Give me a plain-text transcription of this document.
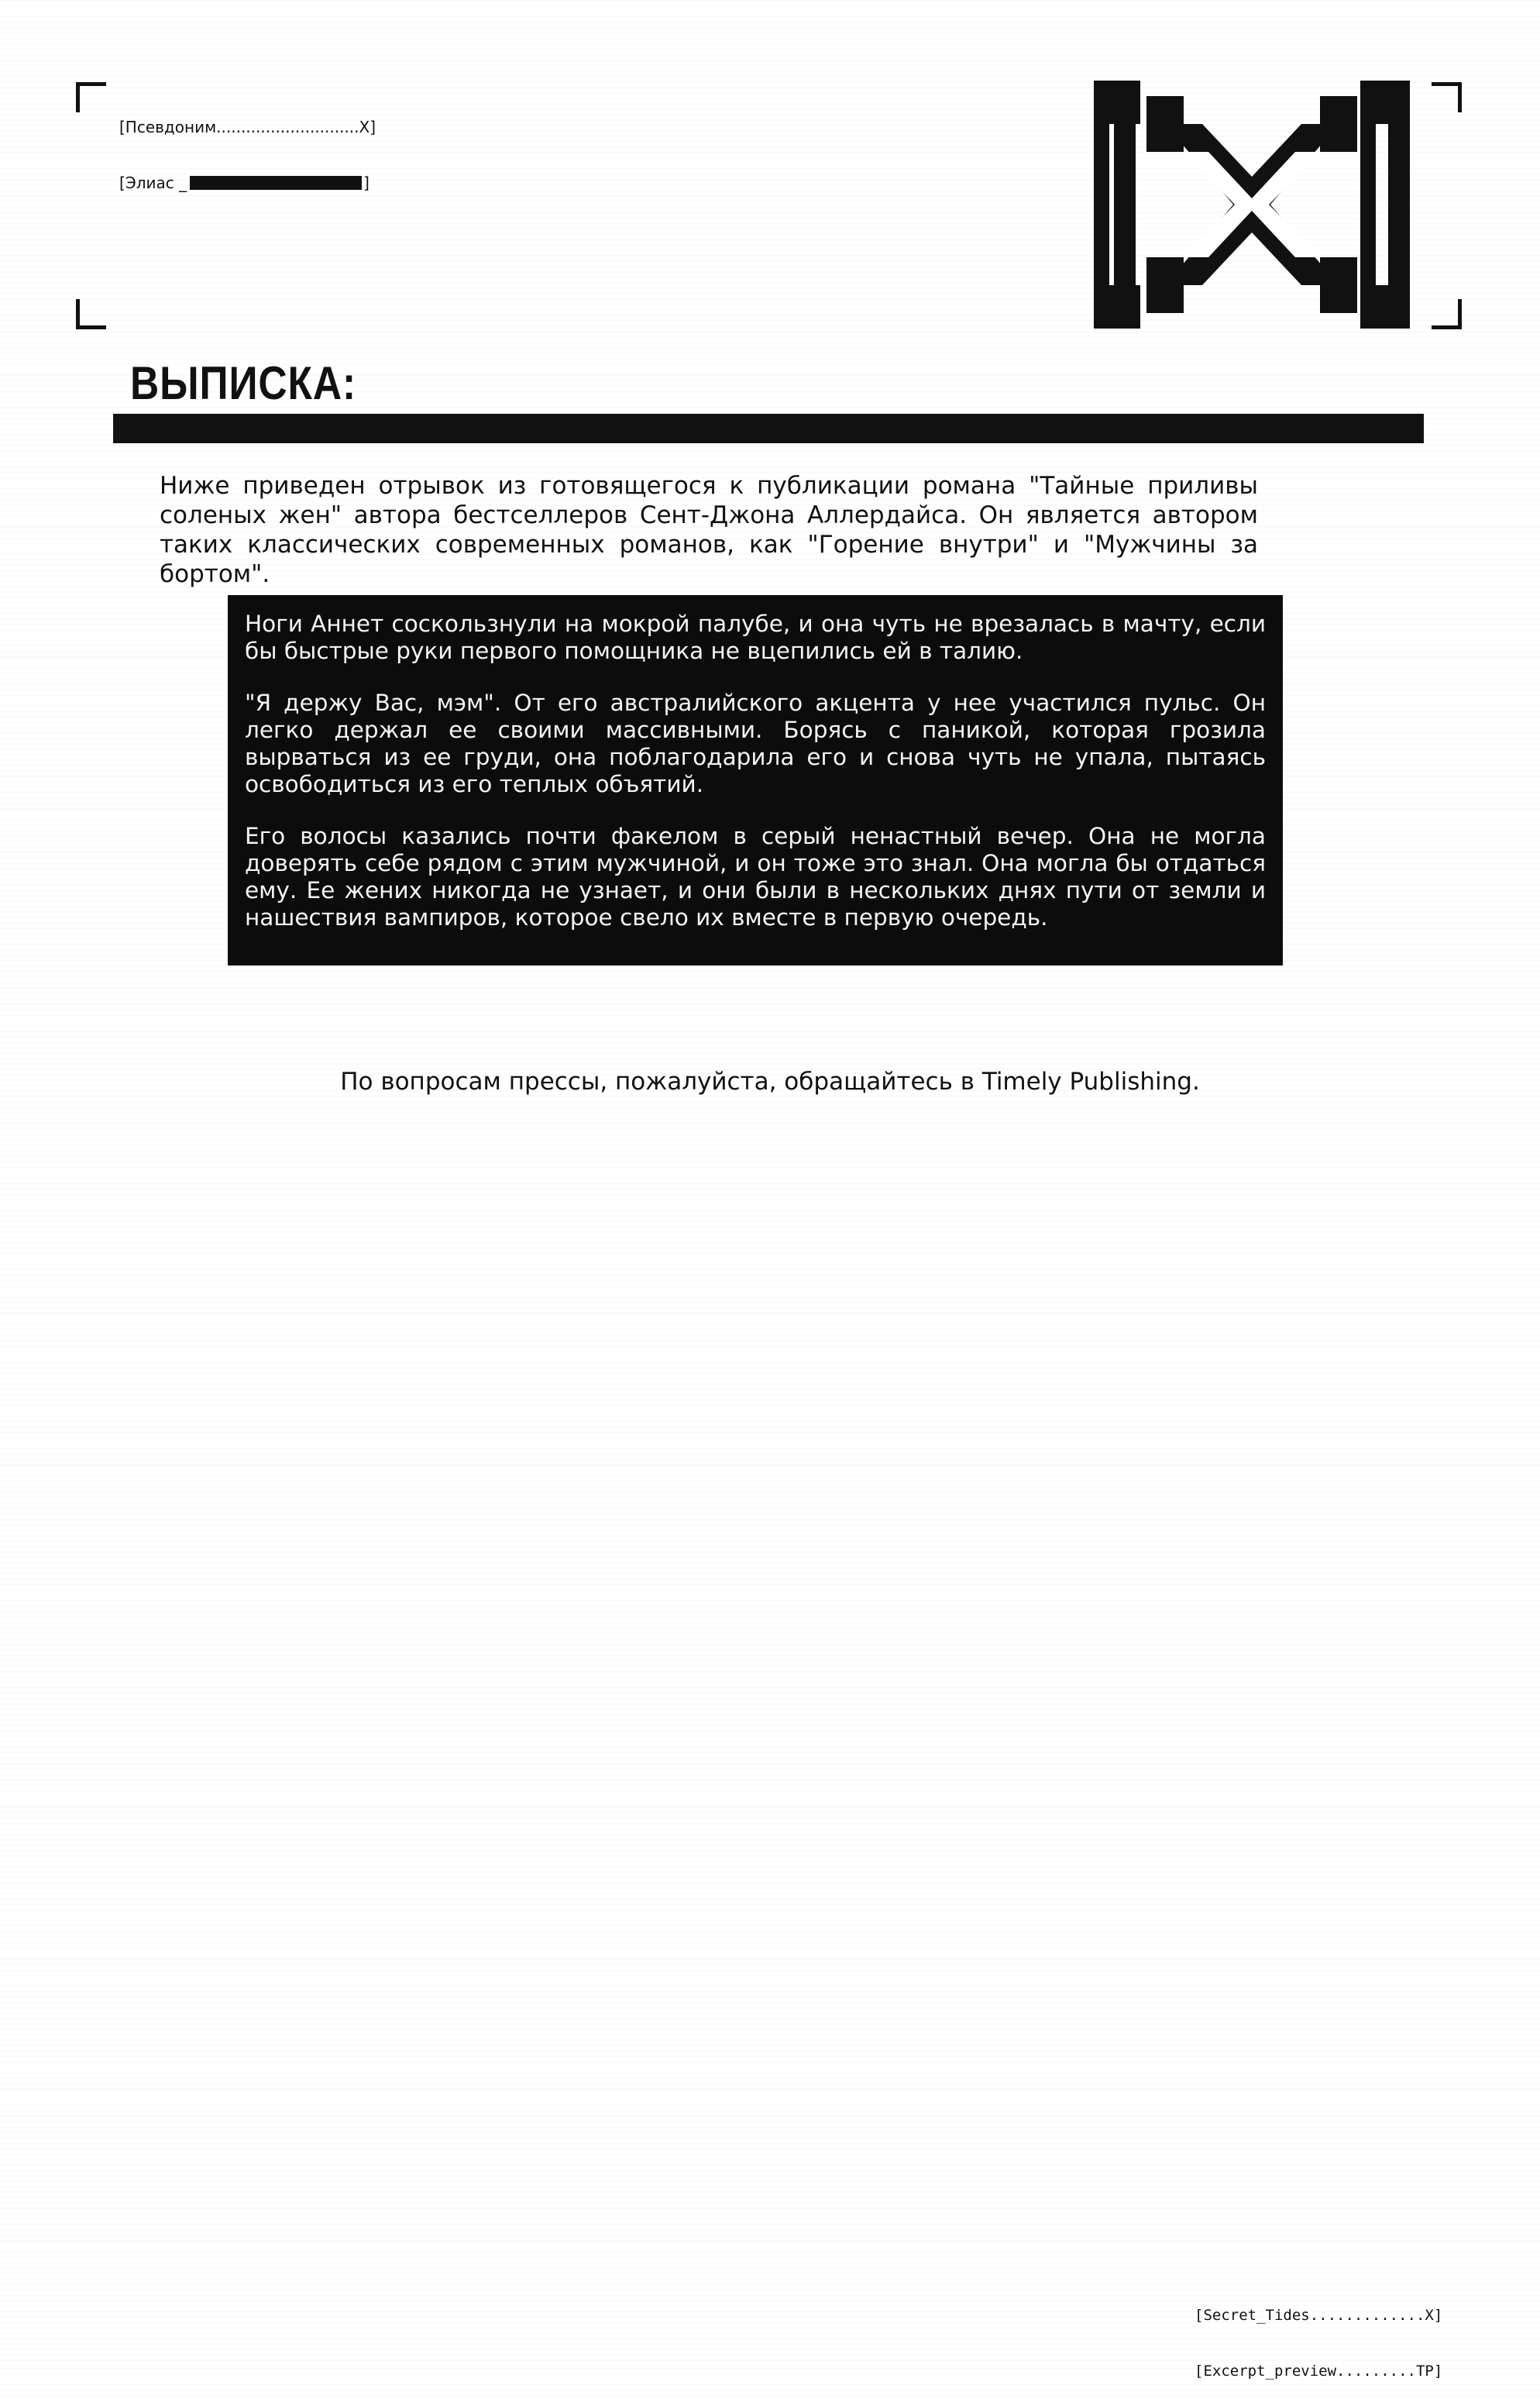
[Псевдоним.............................X]

[Элиас _	]

ВЫПИСКА:

Ниже приведен отрывок из готовящегося к публикации романа "Тайные приливы соленых жен" автора бестселлеров Сент-Джона Аллердайса. Он является автором таких классических современных романов, как "Горение внутри" и "Мужчины за бортом".

Ноги Аннет соскользнули на мокрой палубе, и она чуть не врезалась в мачту, если бы быстрые руки первого помощника не вцепились ей в талию.

"Я держу Вас, мэм". От его австралийского акцента у нее участился пульс. Он легко держал ее своими массивными. Борясь с паникой, которая грозила вырваться из ее груди, она поблагодарила его и снова чуть не упала, пытаясь освободиться из его теплых объятий.

Его волосы казались почти факелом в серый ненастный вечер. Она не могла доверять себе рядом с этим мужчиной, и он тоже это знал. Она могла бы отдаться ему. Ее жених никогда не узнает, и они были в нескольких днях пути от земли и нашествия вампиров, которое свело их вместе в первую очередь.

По вопросам прессы, пожалуйста, обращайтесь в Timely Publishing.

[Secret_Tides.............X]

[Excerpt_preview.........TP]
